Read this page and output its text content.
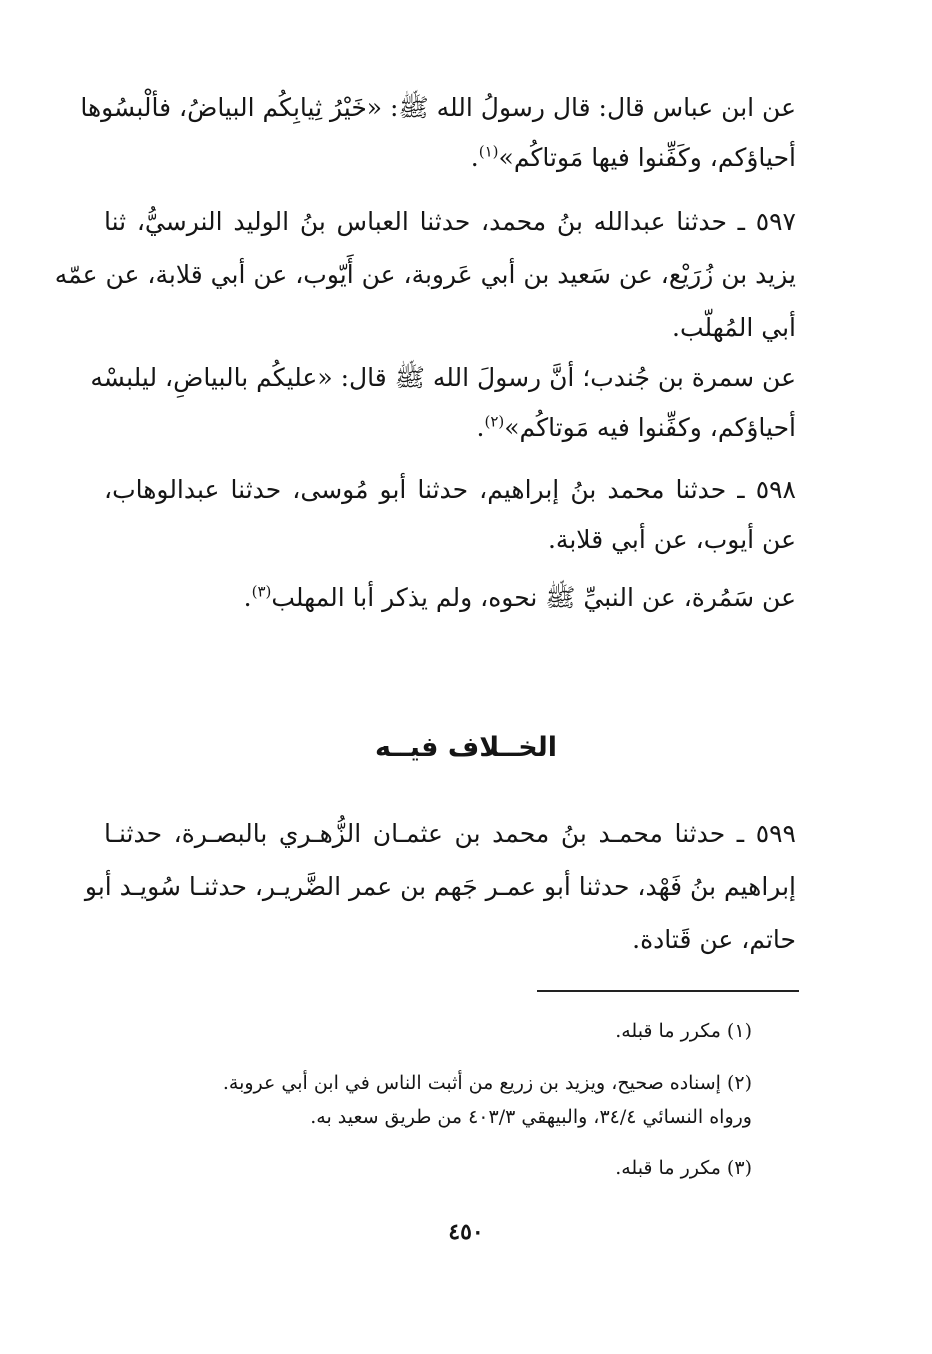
عن ابن عباس قال: قال رسولُ الله ﷺ: «خَيْرُ ثِيابِكُم البياضُ، فألْبسُوها
أحياؤكم، وكَفِّنوا فيها مَوتاكُم»$^{(١)}$.
٥٩٧ ـ حدثنا عبدالله بنُ محمد، حدثنا العباس بنُ الوليد النرسيُّ، ثنا
يزيد بن زُرَيْع، عن سَعيد بن أبي عَروبة، عن أَيّوب، عن أبي قلابة، عن عمّه
أبي المُهلّب.
عن سمرة بن جُندب؛ أنَّ رسولَ الله ﷺ قال: «عليكُم بالبياضِ، ليلبسْه
أحياؤكم، وكفِّنوا فيه مَوتاكُم»$^{(٢)}$.
٥٩٨ ـ حدثنا محمد بنُ إبراهيم، حدثنا أبو مُوسى، حدثنا عبدالوهاب،
عن أيوب، عن أبي قلابة.
عن سَمُرة، عن النبيِّ ﷺ نحوه، ولم يذكر أبا المهلب$^{(٣)}$.
الخــلاف فيــه
٥٩٩ ـ حدثنا محمـد بنُ محمد بن عثمـان الزُّهـري بالبصـرة، حدثنـا
إبراهيم بنُ فَهْد، حدثنا أبو عمـر جَهم بن عمر الضَّريـر، حدثنـا سُويـد أبو
حاتم، عن قَتادة.
(١) مكرر ما قبله.
(٢) إسناده صحيح، ويزيد بن زريع من أثبت الناس في ابن أبي عروبة.
ورواه النسائي ٣٤/٤، والبيهقي ٤٠٣/٣ من طريق سعيد به.
(٣) مكرر ما قبله.
٤٥٠
